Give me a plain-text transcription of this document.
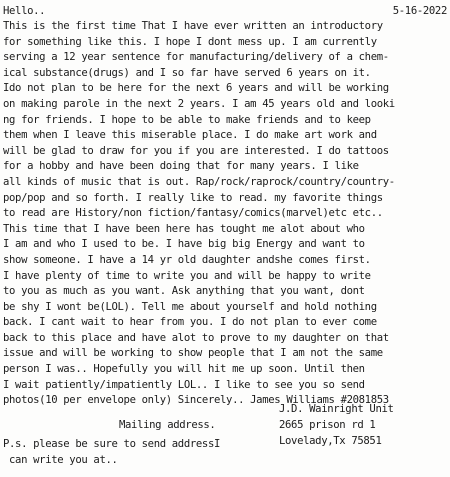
Hello..	5-16-2022
This is the first time That I have ever written an introductory
for something like this. I hope I dont mess up. I am currently
serving a 12 year sentence for manufacturing/delivery of a chem-
ical substance(drugs) and I so far have served 6 years on it.
Ido not plan to be here for the next 6 years and will be working
on making parole in the next 2 years. I am 45 years old and looki
ng for friends. I hope to be able to make friends and to keep
them when I leave this miserable place. I do make art work and
will be glad to draw for you if you are interested. I do tattoos
for a hobby and have been doing that for many years. I like
all kinds of music that is out. Rap/rock/raprock/country/country-
pop/pop and so forth. I really like to read. my favorite things
to read are History/non fiction/fantasy/comics(marvel)etc etc..
This time that I have been here has tought me alot about who
I am and who I used to be. I have big big Energy and want to
show someone. I have a 14 yr old daughter andshe comes first.
I have plenty of time to write you and will be happy to write
to you as much as you want. Ask anything that you want, dont
be shy I wont be(LOL). Tell me about yourself and hold nothing
back. I cant wait to hear from you. I do not plan to ever come
back to this place and have alot to prove to my daughter on that
issue and will be working to show people that I am not the same
person I was.. Hopefully you will hit me up soon. Until then
I wait patiently/impatiently LOL.. I like to see you so send
photos(10 per envelope only) Sincerely.. James Williams #2081853
J.D. Wainright Unit
2665 prison rd 1
Lovelady,Tx 75851
Mailing address.
P.s. please be sure to send addressI
can write you at..
